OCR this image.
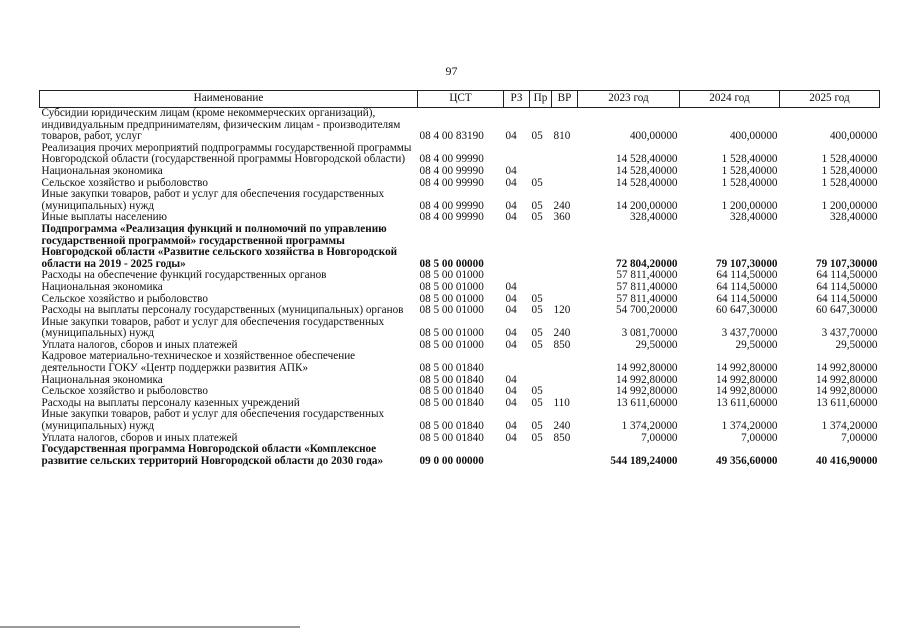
97
Наименование	ЦСТ	РЗ	Пр	ВР	2023 год	2024 год	2025 год
Субсидии юридическим лицам (кроме некоммерческих организаций), индивидуальным предпринимателям, физическим лицам - производителям товаров, работ, услуг	08 4 00 83190	04	05	810	400,00000	400,00000	400,00000
Реализация прочих мероприятий подпрограммы государственной программы Новгородской области (государственной программы Новгородской области)	08 4 00 99990				14 528,40000	1 528,40000	1 528,40000
Национальная экономика	08 4 00 99990	04			14 528,40000	1 528,40000	1 528,40000
Сельское хозяйство и рыболовство	08 4 00 99990	04	05		14 528,40000	1 528,40000	1 528,40000
Иные закупки товаров, работ и услуг для обеспечения государственных (муниципальных) нужд	08 4 00 99990	04	05	240	14 200,00000	1 200,00000	1 200,00000
Иные выплаты населению	08 4 00 99990	04	05	360	328,40000	328,40000	328,40000
Подпрограмма «Реализация функций и полномочий по управлению государственной программой» государственной программы Новгородской области «Развитие сельского хозяйства в Новгородской области на 2019 - 2025 годы»	08 5 00 00000				72 804,20000	79 107,30000	79 107,30000
Расходы на обеспечение функций государственных органов	08 5 00 01000				57 811,40000	64 114,50000	64 114,50000
Национальная экономика	08 5 00 01000	04			57 811,40000	64 114,50000	64 114,50000
Сельское хозяйство и рыболовство	08 5 00 01000	04	05		57 811,40000	64 114,50000	64 114,50000
Расходы на выплаты персоналу государственных (муниципальных) органов	08 5 00 01000	04	05	120	54 700,20000	60 647,30000	60 647,30000
Иные закупки товаров, работ и услуг для обеспечения государственных (муниципальных) нужд	08 5 00 01000	04	05	240	3 081,70000	3 437,70000	3 437,70000
Уплата налогов, сборов и иных платежей	08 5 00 01000	04	05	850	29,50000	29,50000	29,50000
Кадровое материально-техническое и хозяйственное обеспечение деятельности ГОКУ «Центр поддержки развития АПК»	08 5 00 01840				14 992,80000	14 992,80000	14 992,80000
Национальная экономика	08 5 00 01840	04			14 992,80000	14 992,80000	14 992,80000
Сельское хозяйство и рыболовство	08 5 00 01840	04	05		14 992,80000	14 992,80000	14 992,80000
Расходы на выплаты персоналу казенных учреждений	08 5 00 01840	04	05	110	13 611,60000	13 611,60000	13 611,60000
Иные закупки товаров, работ и услуг для обеспечения государственных (муниципальных) нужд	08 5 00 01840	04	05	240	1 374,20000	1 374,20000	1 374,20000
Уплата налогов, сборов и иных платежей	08 5 00 01840	04	05	850	7,00000	7,00000	7,00000
Государственная программа Новгородской области «Комплексное развитие сельских территорий Новгородской области до 2030 года»	09 0 00 00000				544 189,24000	49 356,60000	40 416,90000
